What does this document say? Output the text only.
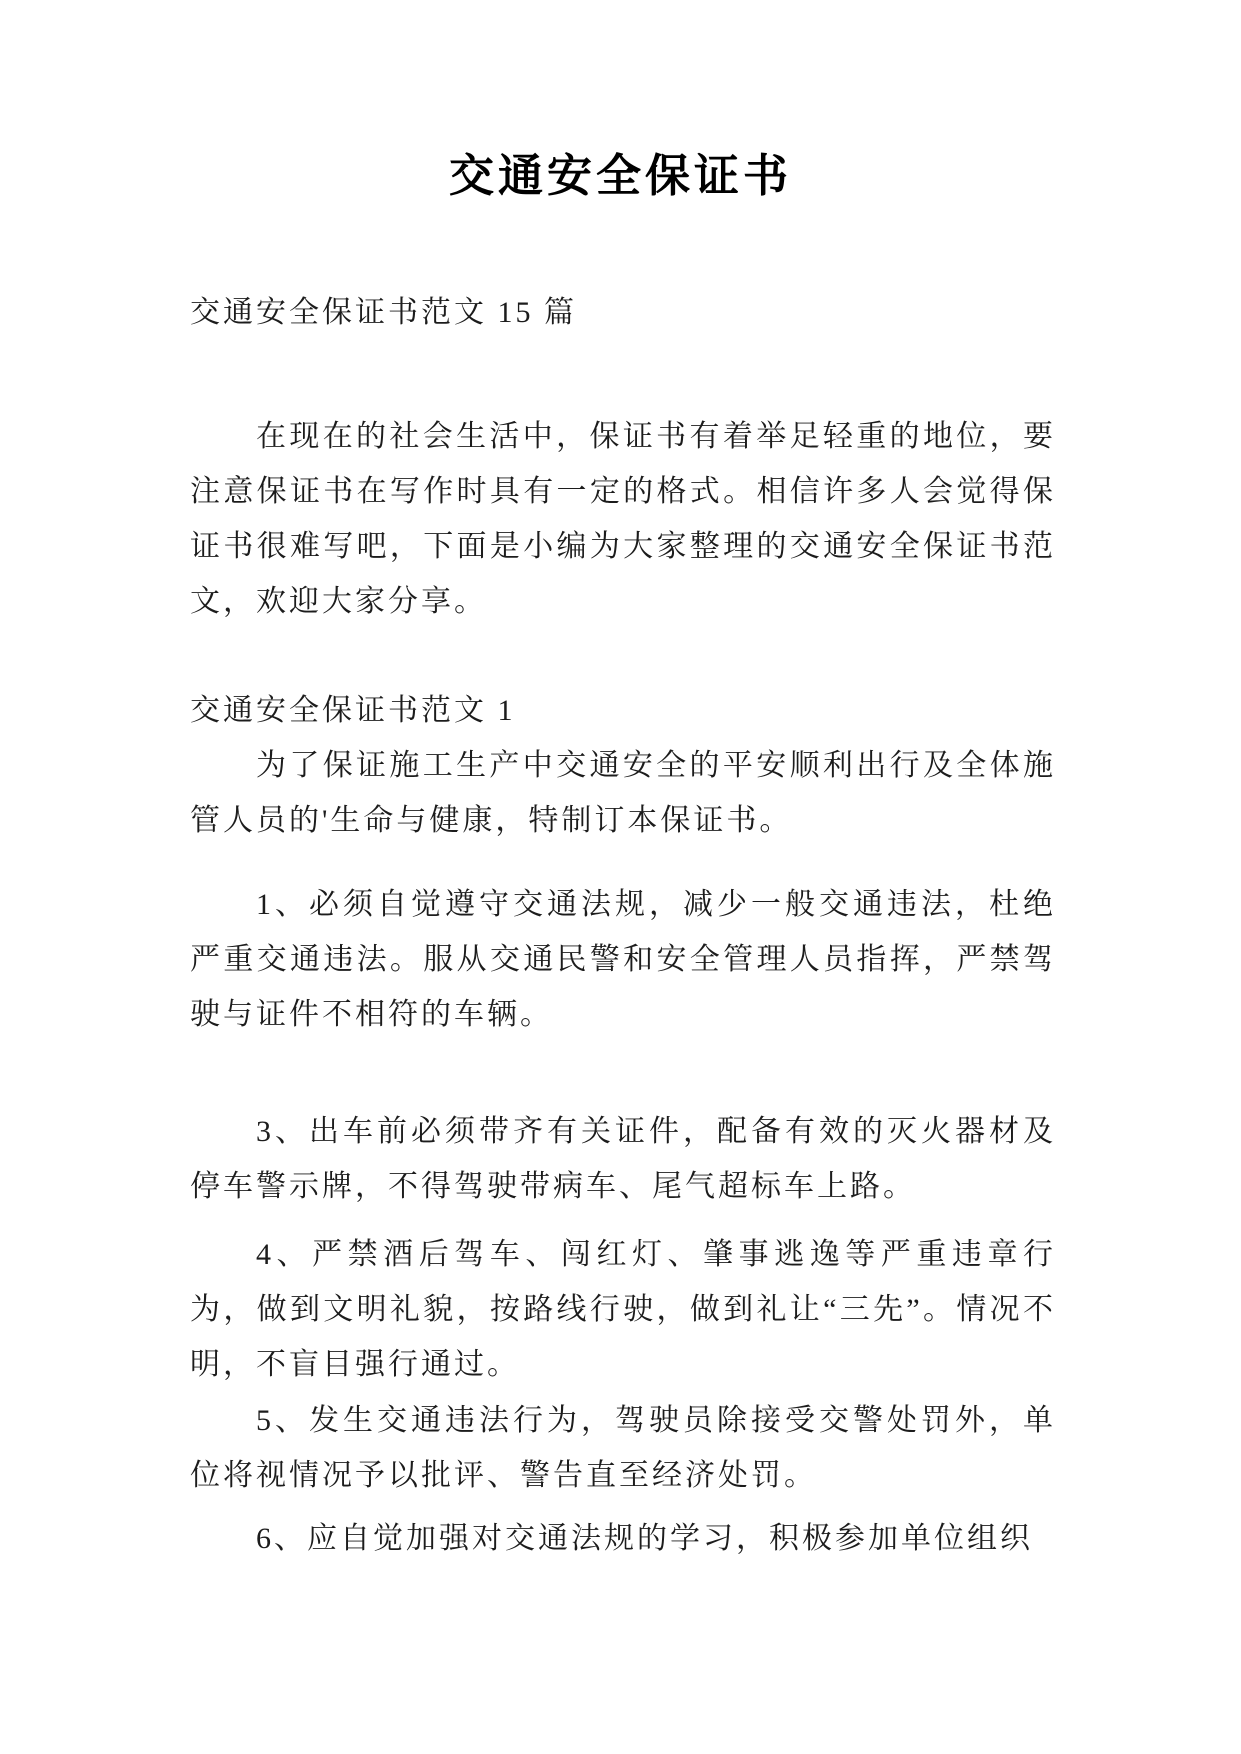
交通安全保证书

交通安全保证书范文 15 篇

在现在的社会生活中，保证书有着举足轻重的地位，要注意保证书在写作时具有一定的格式。相信许多人会觉得保证书很难写吧，下面是小编为大家整理的交通安全保证书范文，欢迎大家分享。

交通安全保证书范文 1

为了保证施工生产中交通安全的平安顺利出行及全体施管人员的'生命与健康，特制订本保证书。

1、必须自觉遵守交通法规，减少一般交通违法，杜绝严重交通违法。服从交通民警和安全管理人员指挥，严禁驾驶与证件不相符的车辆。

3、出车前必须带齐有关证件，配备有效的灭火器材及停车警示牌，不得驾驶带病车、尾气超标车上路。

4、严禁酒后驾车、闯红灯、肇事逃逸等严重违章行为，做到文明礼貌，按路线行驶，做到礼让“三先”。情况不明，不盲目强行通过。

5、发生交通违法行为，驾驶员除接受交警处罚外，单位将视情况予以批评、警告直至经济处罚。

6、应自觉加强对交通法规的学习，积极参加单位组织
